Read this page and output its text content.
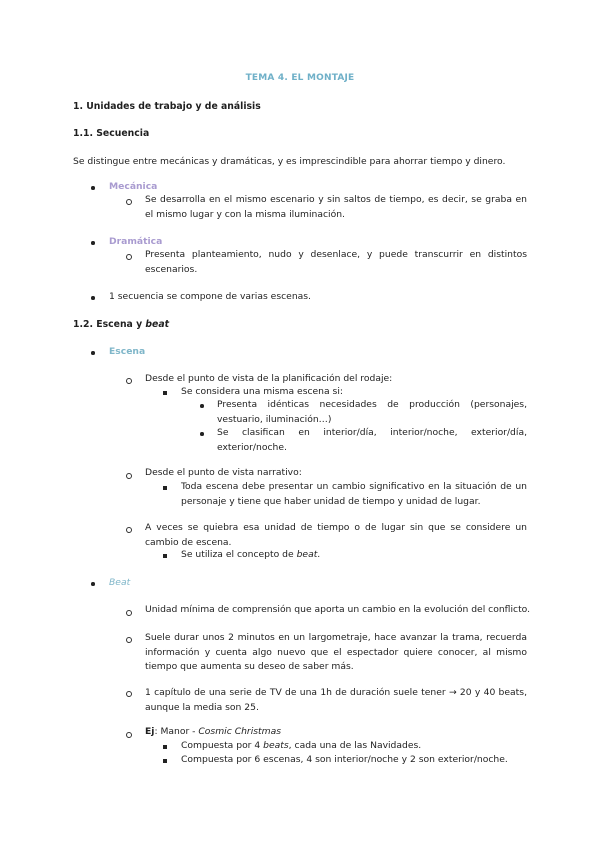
TEMA 4. EL MONTAJE
1. Unidades de trabajo y de análisis
1.1. Secuencia
Se distingue entre mecánicas y dramáticas, y es imprescindible para ahorrar tiempo y dinero.
Mecánica
Se desarrolla en el mismo escenario y sin saltos de tiempo, es decir, se graba en el mismo lugar y con la misma iluminación.
Dramática
Presenta planteamiento, nudo y desenlace, y puede transcurrir en distintos escenarios.
1 secuencia se compone de varias escenas.
1.2. Escena y beat
Escena
Desde el punto de vista de la planificación del rodaje:
Se considera una misma escena si:
Presenta idénticas necesidades de producción (personajes, vestuario, iluminación…)
Se clasifican en interior/día, interior/noche, exterior/día, exterior/noche.
Desde el punto de vista narrativo:
Toda escena debe presentar un cambio significativo en la situación de un personaje y tiene que haber unidad de tiempo y unidad de lugar.
A veces se quiebra esa unidad de tiempo o de lugar sin que se considere un cambio de escena.
Se utiliza el concepto de beat.
Beat
Unidad mínima de comprensión que aporta un cambio en la evolución del conflicto.
Suele durar unos 2 minutos en un largometraje, hace avanzar la trama, recuerda información y cuenta algo nuevo que el espectador quiere conocer, al mismo tiempo que aumenta su deseo de saber más.
1 capítulo de una serie de TV de una 1h de duración suele tener → 20 y 40 beats, aunque la media son 25.
Ej: Manor - Cosmic Christmas
Compuesta por 4 beats, cada una de las Navidades.
Compuesta por 6 escenas, 4 son interior/noche y 2 son exterior/noche.
